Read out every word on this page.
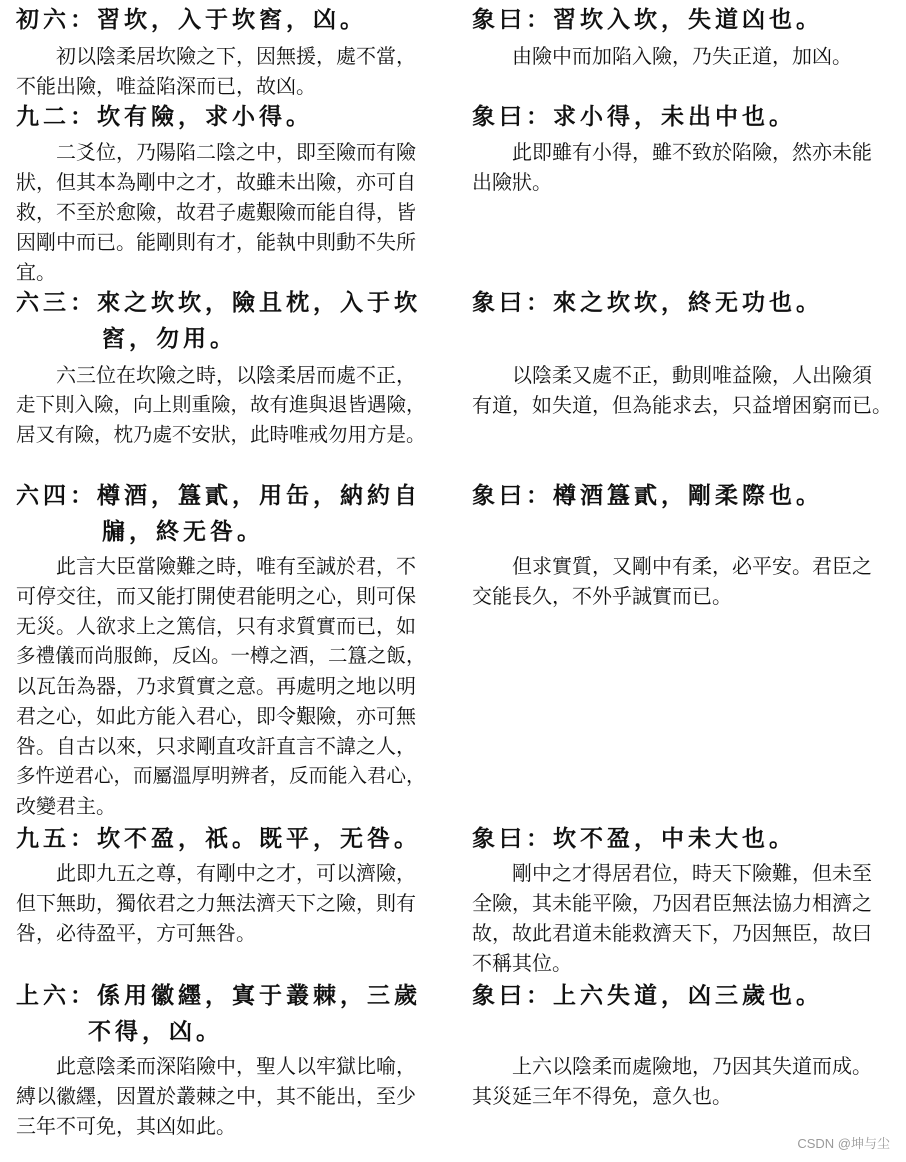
初六：習坎，入于坎窞，凶。
初以陰柔居坎險之下，因無援，處不當，
不能出險，唯益陷深而已，故凶。
象曰：習坎入坎，失道凶也。
由險中而加陷入險，乃失正道，加凶。
九二：坎有險，求小得。
二爻位，乃陽陷二陰之中，即至險而有險
狀，但其本為剛中之才，故雖未出險，亦可自
救，不至於愈險，故君子處艱險而能自得，皆
因剛中而已。能剛則有才，能執中則動不失所
宜。
象曰：求小得，未出中也。
此即雖有小得，雖不致於陷險，然亦未能
出險狀。
六三：來之坎坎，險且枕，入于坎
窞，勿用。
六三位在坎險之時，以陰柔居而處不正，
走下則入險，向上則重險，故有進與退皆遇險，
居又有險，枕乃處不安狀，此時唯戒勿用方是。
象曰：來之坎坎，終无功也。
以陰柔又處不正，動則唯益險，人出險須
有道，如失道，但為能求去，只益增困窮而已。
六四：樽酒，簋貳，用缶，納約自
牖，終无咎。
此言大臣當險難之時，唯有至誠於君，不
可停交往，而又能打開使君能明之心，則可保
无災。人欲求上之篤信，只有求質實而已，如
多禮儀而尚服飾，反凶。一樽之酒，二簋之飯，
以瓦缶為器，乃求質實之意。再處明之地以明
君之心，如此方能入君心，即令艱險，亦可無
咎。自古以來，只求剛直攻訐直言不諱之人，
多忤逆君心，而屬溫厚明辨者，反而能入君心，
改變君主。
象曰：樽酒簋貳，剛柔際也。
但求實質，又剛中有柔，必平安。君臣之
交能長久，不外乎誠實而已。
九五：坎不盈，祇。既平，无咎。
此即九五之尊，有剛中之才，可以濟險，
但下無助，獨依君之力無法濟天下之險，則有
咎，必待盈平，方可無咎。
象曰：坎不盈，中未大也。
剛中之才得居君位，時天下險難，但未至
全險，其未能平險，乃因君臣無法協力相濟之
故，故此君道未能救濟天下，乃因無臣，故曰
不稱其位。
上六：係用徽纆，寘于叢棘，三歲
不得，凶。
此意陰柔而深陷險中，聖人以牢獄比喻，
縛以徽纆，因置於叢棘之中，其不能出，至少
三年不可免，其凶如此。
象曰：上六失道，凶三歲也。
上六以陰柔而處險地，乃因其失道而成。
其災延三年不得免，意久也。
CSDN @坤与尘
